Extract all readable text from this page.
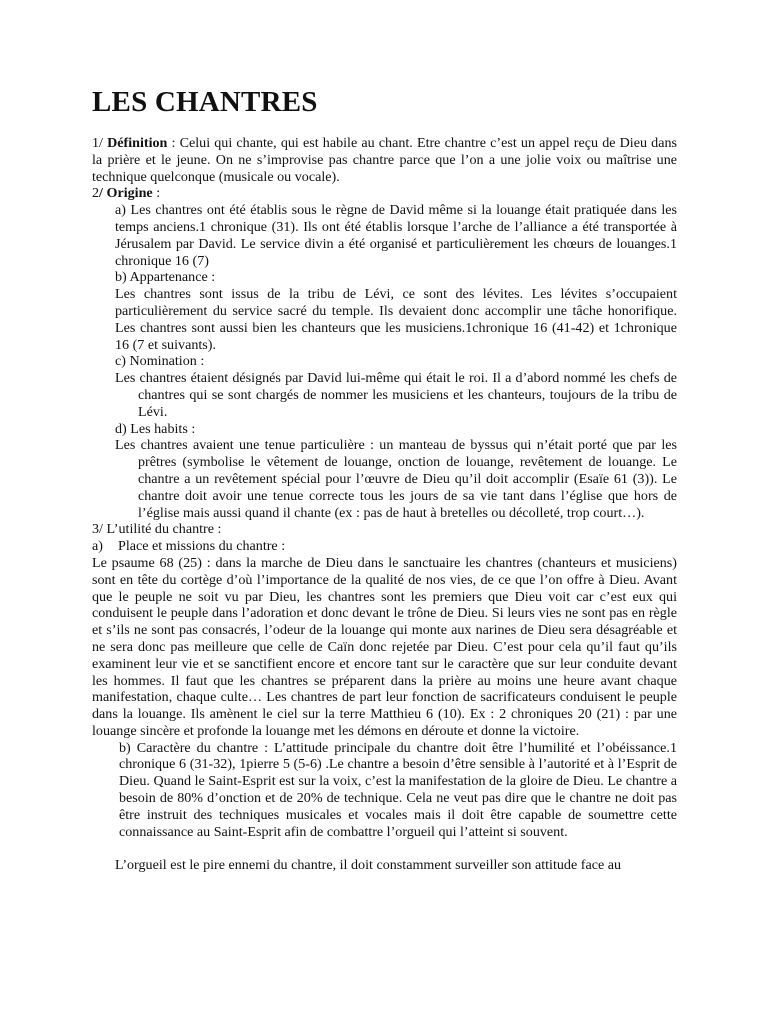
LES CHANTRES

1/ Définition : Celui qui chante, qui est habile au chant. Etre chantre c’est un appel reçu de Dieu dans la prière et le jeune. On ne s’improvise pas chantre parce que l’on a une jolie voix ou maîtrise une technique quelconque (musicale ou vocale).

2/ Origine :

a) Les chantres ont été établis sous le règne de David même si la louange était pratiquée dans les temps anciens.1 chronique (31). Ils ont été établis lorsque l’arche de l’alliance a été transportée à Jérusalem par David. Le service divin a été organisé et particulièrement les chœurs de louanges.1 chronique 16 (7)

b) Appartenance :

Les chantres sont issus de la tribu de Lévi, ce sont des lévites. Les lévites s’occupaient particulièrement du service sacré du temple. Ils devaient donc accomplir une tâche honorifique. Les chantres sont aussi bien les chanteurs que les musiciens.1chronique 16 (41-42) et 1chronique 16 (7 et suivants).

c) Nomination :

Les chantres étaient désignés par David lui-même qui était le roi. Il a d’abord nommé les chefs de chantres qui se sont chargés de nommer les musiciens et les chanteurs, toujours de la tribu de Lévi.

d) Les habits :

Les chantres avaient une tenue particulière : un manteau de byssus qui n’était porté que par les prêtres (symbolise le vêtement de louange, onction de louange, revêtement de louange. Le chantre a un revêtement spécial pour l’œuvre de Dieu qu’il doit accomplir (Esaïe 61 (3)). Le chantre doit avoir une tenue correcte tous les jours de sa vie tant dans l’église que hors de l’église mais aussi quand il chante (ex : pas de haut à bretelles ou décolleté, trop court…).

3/ L’utilité du chantre :

a) Place et missions du chantre :

Le psaume 68 (25) : dans la marche de Dieu dans le sanctuaire les chantres (chanteurs et musiciens) sont en tête du cortège d’où l’importance de la qualité de nos vies, de ce que l’on offre à Dieu. Avant que le peuple ne soit vu par Dieu, les chantres sont les premiers que Dieu voit car c’est eux qui conduisent le peuple dans l’adoration et donc devant le trône de Dieu. Si leurs vies ne sont pas en règle et s’ils ne sont pas consacrés, l’odeur de la louange qui monte aux narines de Dieu sera désagréable et ne sera donc pas meilleure que celle de Caïn donc rejetée par Dieu. C’est pour cela qu’il faut qu’ils examinent leur vie et se sanctifient encore et encore tant sur le caractère que sur leur conduite devant les hommes. Il faut que les chantres se préparent dans la prière au moins une heure avant chaque manifestation, chaque culte… Les chantres de part leur fonction de sacrificateurs conduisent le peuple dans la louange. Ils amènent le ciel sur la terre Matthieu 6 (10). Ex : 2 chroniques 20 (21) : par une louange sincère et profonde la louange met les démons en déroute et donne la victoire.

b) Caractère du chantre : L’attitude principale du chantre doit être l’humilité et l’obéissance.1 chronique 6 (31-32), 1pierre 5 (5-6) .Le chantre a besoin d’être sensible à l’autorité et à l’Esprit de Dieu. Quand le Saint-Esprit est sur la voix, c’est la manifestation de la gloire de Dieu. Le chantre a besoin de 80% d’onction et de 20% de technique. Cela ne veut pas dire que le chantre ne doit pas être instruit des techniques musicales et vocales mais il doit être capable de soumettre cette connaissance au Saint-Esprit afin de combattre l’orgueil qui l’atteint si souvent.

L’orgueil est le pire ennemi du chantre, il doit constamment surveiller son attitude face au
